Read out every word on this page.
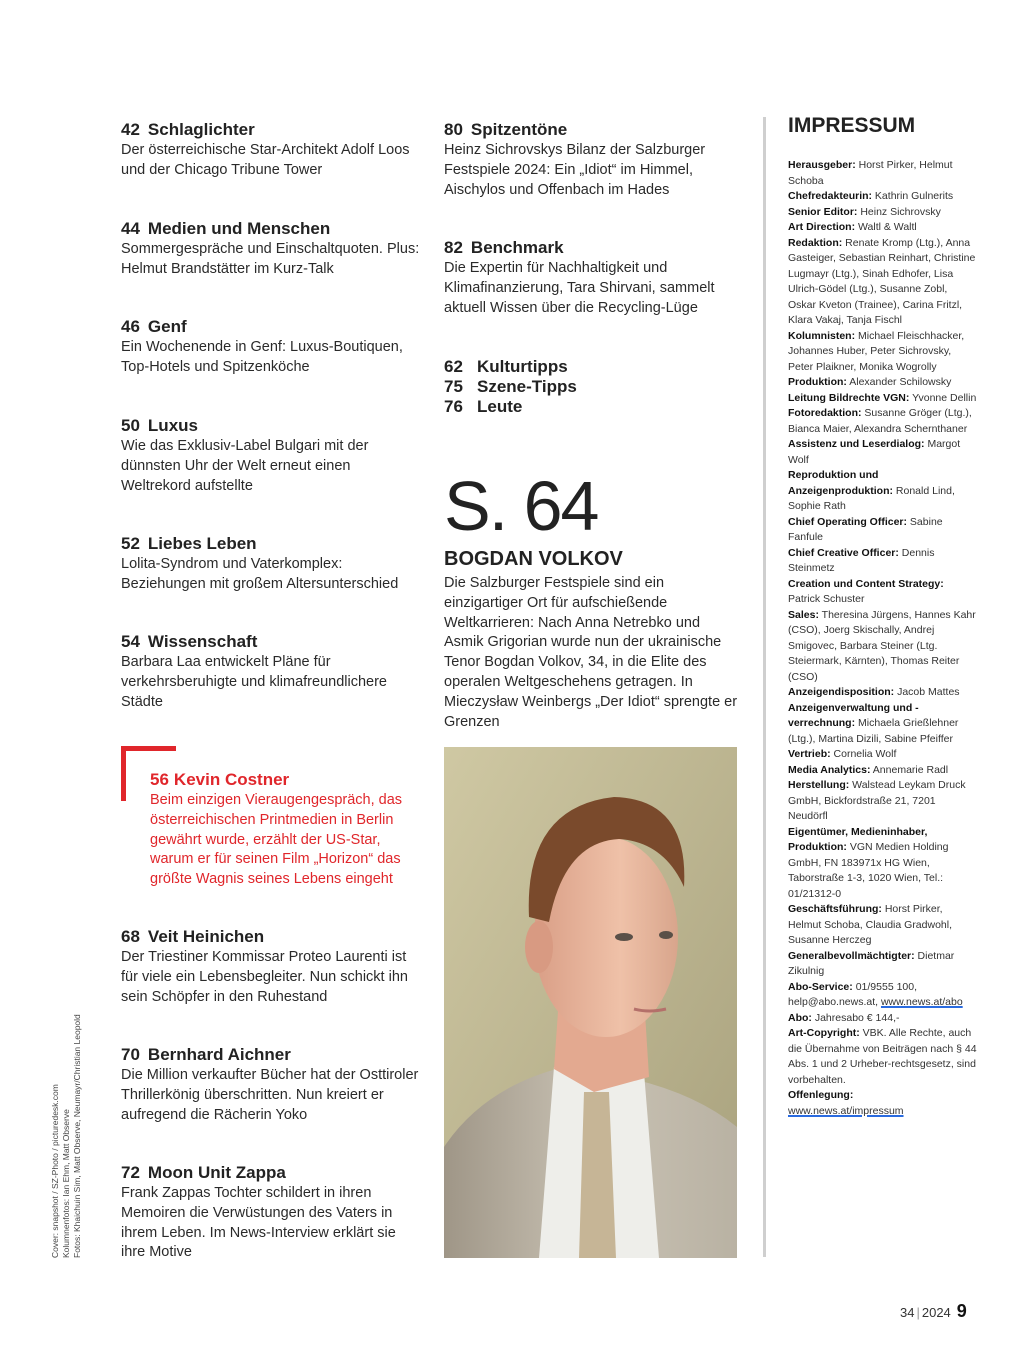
42 Schlaglichter

Der österreichische Star-Architekt Adolf Loos und der Chicago Tribune Tower

44 Medien und Menschen

Sommergespräche und Einschaltquoten. Plus: Helmut Brandstätter im Kurz-Talk

46 Genf

Ein Wochenende in Genf: Luxus-Boutiquen, Top-Hotels und Spitzenköche

50 Luxus

Wie das Exklusiv-Label Bulgari mit der dünnsten Uhr der Welt erneut einen Weltrekord aufstellte

52 Liebes Leben

Lolita-Syndrom und Vaterkomplex: Beziehungen mit großem Altersunterschied

54 Wissenschaft

Barbara Laa entwickelt Pläne für verkehrsberuhigte und klimafreundlichere Städte

56 Kevin Costner

Beim einzigen Vieraugengespräch, das österreichischen Printmedien in Berlin gewährt wurde, erzählt der US-Star, warum er für seinen Film „Horizon“ das größte Wagnis seines Lebens eingeht

68 Veit Heinichen

Der Triestiner Kommissar Proteo Laurenti ist für viele ein Lebensbegleiter. Nun schickt ihn sein Schöpfer in den Ruhestand

70 Bernhard Aichner

Die Million verkaufter Bücher hat der Osttiroler Thrillerkönig überschritten. Nun kreiert er aufregend die Rächerin Yoko

72 Moon Unit Zappa

Frank Zappas Tochter schildert in ihren Memoiren die Verwüstungen des Vaters in ihrem Leben. Im News-Interview erklärt sie ihre Motive

80 Spitzentöne

Heinz Sichrovskys Bilanz der Salzburger Festspiele 2024: Ein „Idiot“ im Himmel, Aischylos und Offenbach im Hades

82 Benchmark

Die Expertin für Nachhaltigkeit und Klimafinanzierung, Tara Shirvani, sammelt aktuell Wissen über die Recycling-Lüge

62 Kulturtipps
75 Szene-Tipps
76 Leute
S. 64
BOGDAN VOLKOV

Die Salzburger Festspiele sind ein einzigartiger Ort für aufschießende Weltkarrieren: Nach Anna Netrebko und Asmik Grigorian wurde nun der ukrainische Tenor Bogdan Volkov, 34, in die Elite des operalen Weltgeschehens getragen. In Mieczysław Weinbergs „Der Idiot“ sprengte er Grenzen

IMPRESSUM

Herausgeber: Horst Pirker, Helmut Schoba

Chefredakteurin: Kathrin Gulnerits

Senior Editor: Heinz Sichrovsky

Art Direction: Waltl & Waltl

Redaktion: Renate Kromp (Ltg.), Anna Gasteiger, Sebastian Reinhart, Christine Lugmayr (Ltg.), Sinah Edhofer, Lisa Ulrich-Gödel (Ltg.), Susanne Zobl, Oskar Kveton (Trainee), Carina Fritzl, Klara Vakaj, Tanja Fischl

Kolumnisten: Michael Fleischhacker, Johannes Huber, Peter Sichrovsky, Peter Plaikner, Monika Wogrolly

Produktion: Alexander Schilowsky

Leitung Bildrechte VGN: Yvonne Dellin

Fotoredaktion: Susanne Gröger (Ltg.), Bianca Maier, Alexandra Schernthaner

Assistenz und Leserdialog: Margot Wolf

Reproduktion und Anzeigenproduktion: Ronald Lind, Sophie Rath

Chief Operating Officer: Sabine Fanfule

Chief Creative Officer: Dennis Steinmetz

Creation und Content Strategy: Patrick Schuster

Sales: Theresina Jürgens, Hannes Kahr (CSO), Joerg Skischally, Andrej Smigovec, Barbara Steiner (Ltg. Steiermark, Kärnten), Thomas Reiter (CSO)

Anzeigendisposition: Jacob Mattes

Anzeigenverwaltung und -verrechnung: Michaela Grießlehner (Ltg.), Martina Dizili, Sabine Pfeiffer

Vertrieb: Cornelia Wolf

Media Analytics: Annemarie Radl

Herstellung: Walstead Leykam Druck GmbH, Bickfordstraße 21, 7201 Neudörfl

Eigentümer, Medieninhaber, Produktion: VGN Medien Holding GmbH, FN 183971x HG Wien, Taborstraße 1-3, 1020 Wien, Tel.: 01/21312-0

Geschäftsführung: Horst Pirker, Helmut Schoba, Claudia Gradwohl, Susanne Herczeg

Generalbevollmächtigter: Dietmar Zikulnig

Abo-Service: 01/9555 100, help@abo.news.at, www.news.at/abo

Abo: Jahresabo € 144,-

Art-Copyright: VBK. Alle Rechte, auch die Übernahme von Beiträgen nach § 44 Abs. 1 und 2 Urheber-rechtsgesetz, sind vorbehalten.

Offenlegung:
www.news.at/impressum

Cover: snapshot / SZ-Photo / picturedesk.com Kolumnenfotos: Ian Ehm, Matt Observe Fotos: Khaichuin Sim, Matt Observe, Neumayr/Christian Leopold
34 | 2024 9
